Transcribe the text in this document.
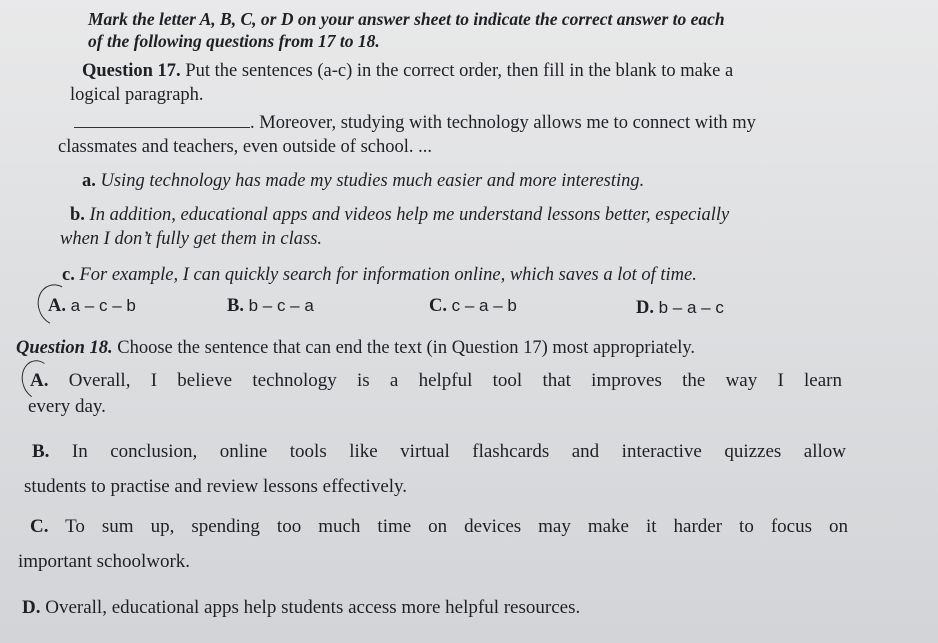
Mark the letter A, B, C, or D on your answer sheet to indicate the correct answer to each
of the following questions from 17 to 18.
Question 17. Put the sentences (a-c) in the correct order, then fill in the blank to make a
logical paragraph.
. Moreover, studying with technology allows me to connect with my
classmates and teachers, even outside of school. ...
a. Using technology has made my studies much easier and more interesting.
b. In addition, educational apps and videos help me understand lessons better, especially
when I don’t fully get them in class.
c. For example, I can quickly search for information online, which saves a lot of time.
A. a – c – b	B. b – c – a	C. c – a – b	D. b – a – c
Question 18. Choose the sentence that can end the text (in Question 17) most appropriately.
A. Overall, I believe technology is a helpful tool that improves the way I learn
every day.
B. In conclusion, online tools like virtual flashcards and interactive quizzes allow
students to practise and review lessons effectively.
C. To sum up, spending too much time on devices may make it harder to focus on
important schoolwork.
D. Overall, educational apps help students access more helpful resources.
